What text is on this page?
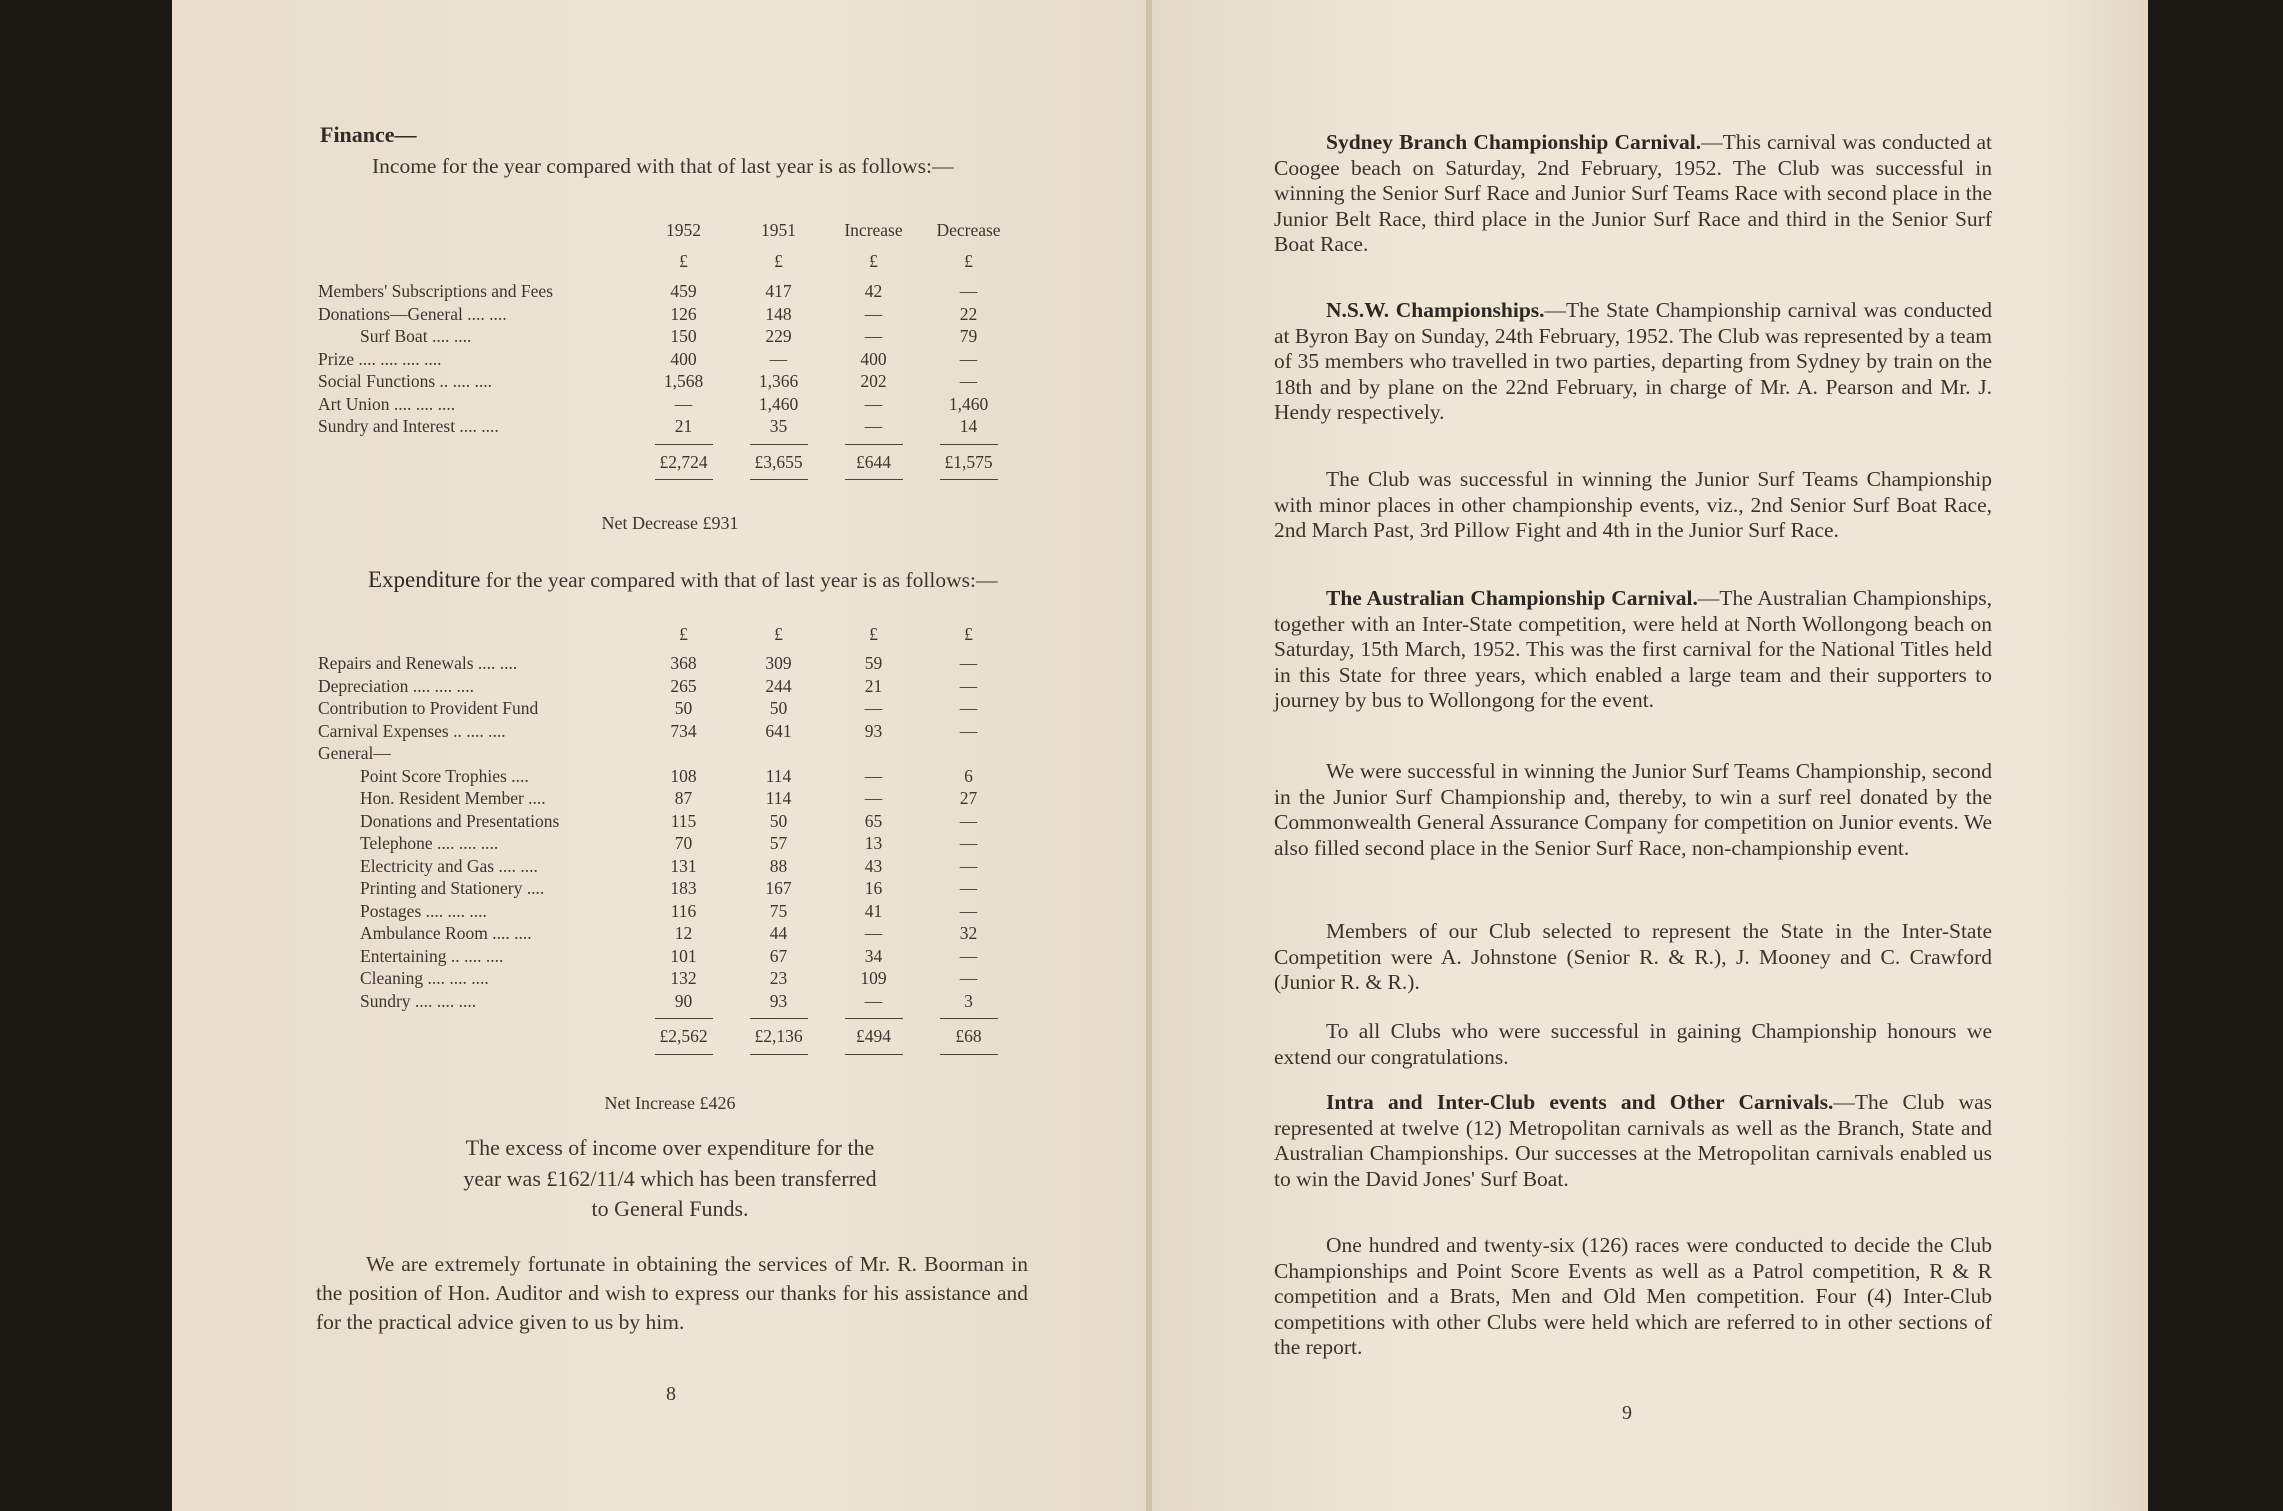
Finance—
Income for the year compared with that of last year is as follows:—
1952	1951	Increase	Decrease
£	£	£	£
Members' Subscriptions and Fees	459	417	42	—
Donations—General .... ....	126	148	—	22
Surf Boat .... ....	150	229	—	79
Prize .... .... .... ....	400	—	400	—
Social Functions .. .... ....	1,568	1,366	202	—
Art Union .... .... ....	—	1,460	—	1,460
Sundry and Interest .... ....	21	35	—	14
	£2,724	£3,655	£644	£1,575
Net Decrease £931
Expenditure for the year compared with that of last year is as follows:—
£	£	£	£
Repairs and Renewals .... ....	368	309	59	—
Depreciation .... .... ....	265	244	21	—
Contribution to Provident Fund	50	50	—	—
Carnival Expenses .. .... ....	734	641	93	—
General—				
Point Score Trophies ....	108	114	—	6
Hon. Resident Member ....	87	114	—	27
Donations and Presentations	115	50	65	—
Telephone .... .... ....	70	57	13	—
Electricity and Gas .... ....	131	88	43	—
Printing and Stationery ....	183	167	16	—
Postages .... .... ....	116	75	41	—
Ambulance Room .... ....	12	44	—	32
Entertaining .. .... ....	101	67	34	—
Cleaning .... .... ....	132	23	109	—
Sundry .... .... ....	90	93	—	3
	£2,562	£2,136	£494	£68
Net Increase £426
The excess of income over expenditure for the
year was £162/11/4 which has been transferred
to General Funds.
We are extremely fortunate in obtaining the services of Mr. R. Boorman in the position of Hon. Auditor and wish to express our thanks for his assistance and for the practical advice given to us by him.
8
Sydney Branch Championship Carnival.—This carnival was conducted at Coogee beach on Saturday, 2nd February, 1952. The Club was successful in winning the Senior Surf Race and Junior Surf Teams Race with second place in the Junior Belt Race, third place in the Junior Surf Race and third in the Senior Surf Boat Race.
N.S.W. Championships.—The State Championship carnival was conducted at Byron Bay on Sunday, 24th February, 1952. The Club was represented by a team of 35 members who travelled in two parties, departing from Sydney by train on the 18th and by plane on the 22nd February, in charge of Mr. A. Pearson and Mr. J. Hendy respectively.
The Club was successful in winning the Junior Surf Teams Championship with minor places in other championship events, viz., 2nd Senior Surf Boat Race, 2nd March Past, 3rd Pillow Fight and 4th in the Junior Surf Race.
The Australian Championship Carnival.—The Australian Championships, together with an Inter-State competition, were held at North Wollongong beach on Saturday, 15th March, 1952. This was the first carnival for the National Titles held in this State for three years, which enabled a large team and their supporters to journey by bus to Wollongong for the event.
We were successful in winning the Junior Surf Teams Championship, second in the Junior Surf Championship and, thereby, to win a surf reel donated by the Commonwealth General Assurance Company for competition on Junior events. We also filled second place in the Senior Surf Race, non-championship event.
Members of our Club selected to represent the State in the Inter-State Competition were A. Johnstone (Senior R. & R.), J. Mooney and C. Crawford (Junior R. & R.).
To all Clubs who were successful in gaining Championship honours we extend our congratulations.
Intra and Inter-Club events and Other Carnivals.—The Club was represented at twelve (12) Metropolitan carnivals as well as the Branch, State and Australian Championships. Our successes at the Metropolitan carnivals enabled us to win the David Jones' Surf Boat.
One hundred and twenty-six (126) races were conducted to decide the Club Championships and Point Score Events as well as a Patrol competition, R & R competition and a Brats, Men and Old Men competition. Four (4) Inter-Club competitions with other Clubs were held which are referred to in other sections of the report.
9
